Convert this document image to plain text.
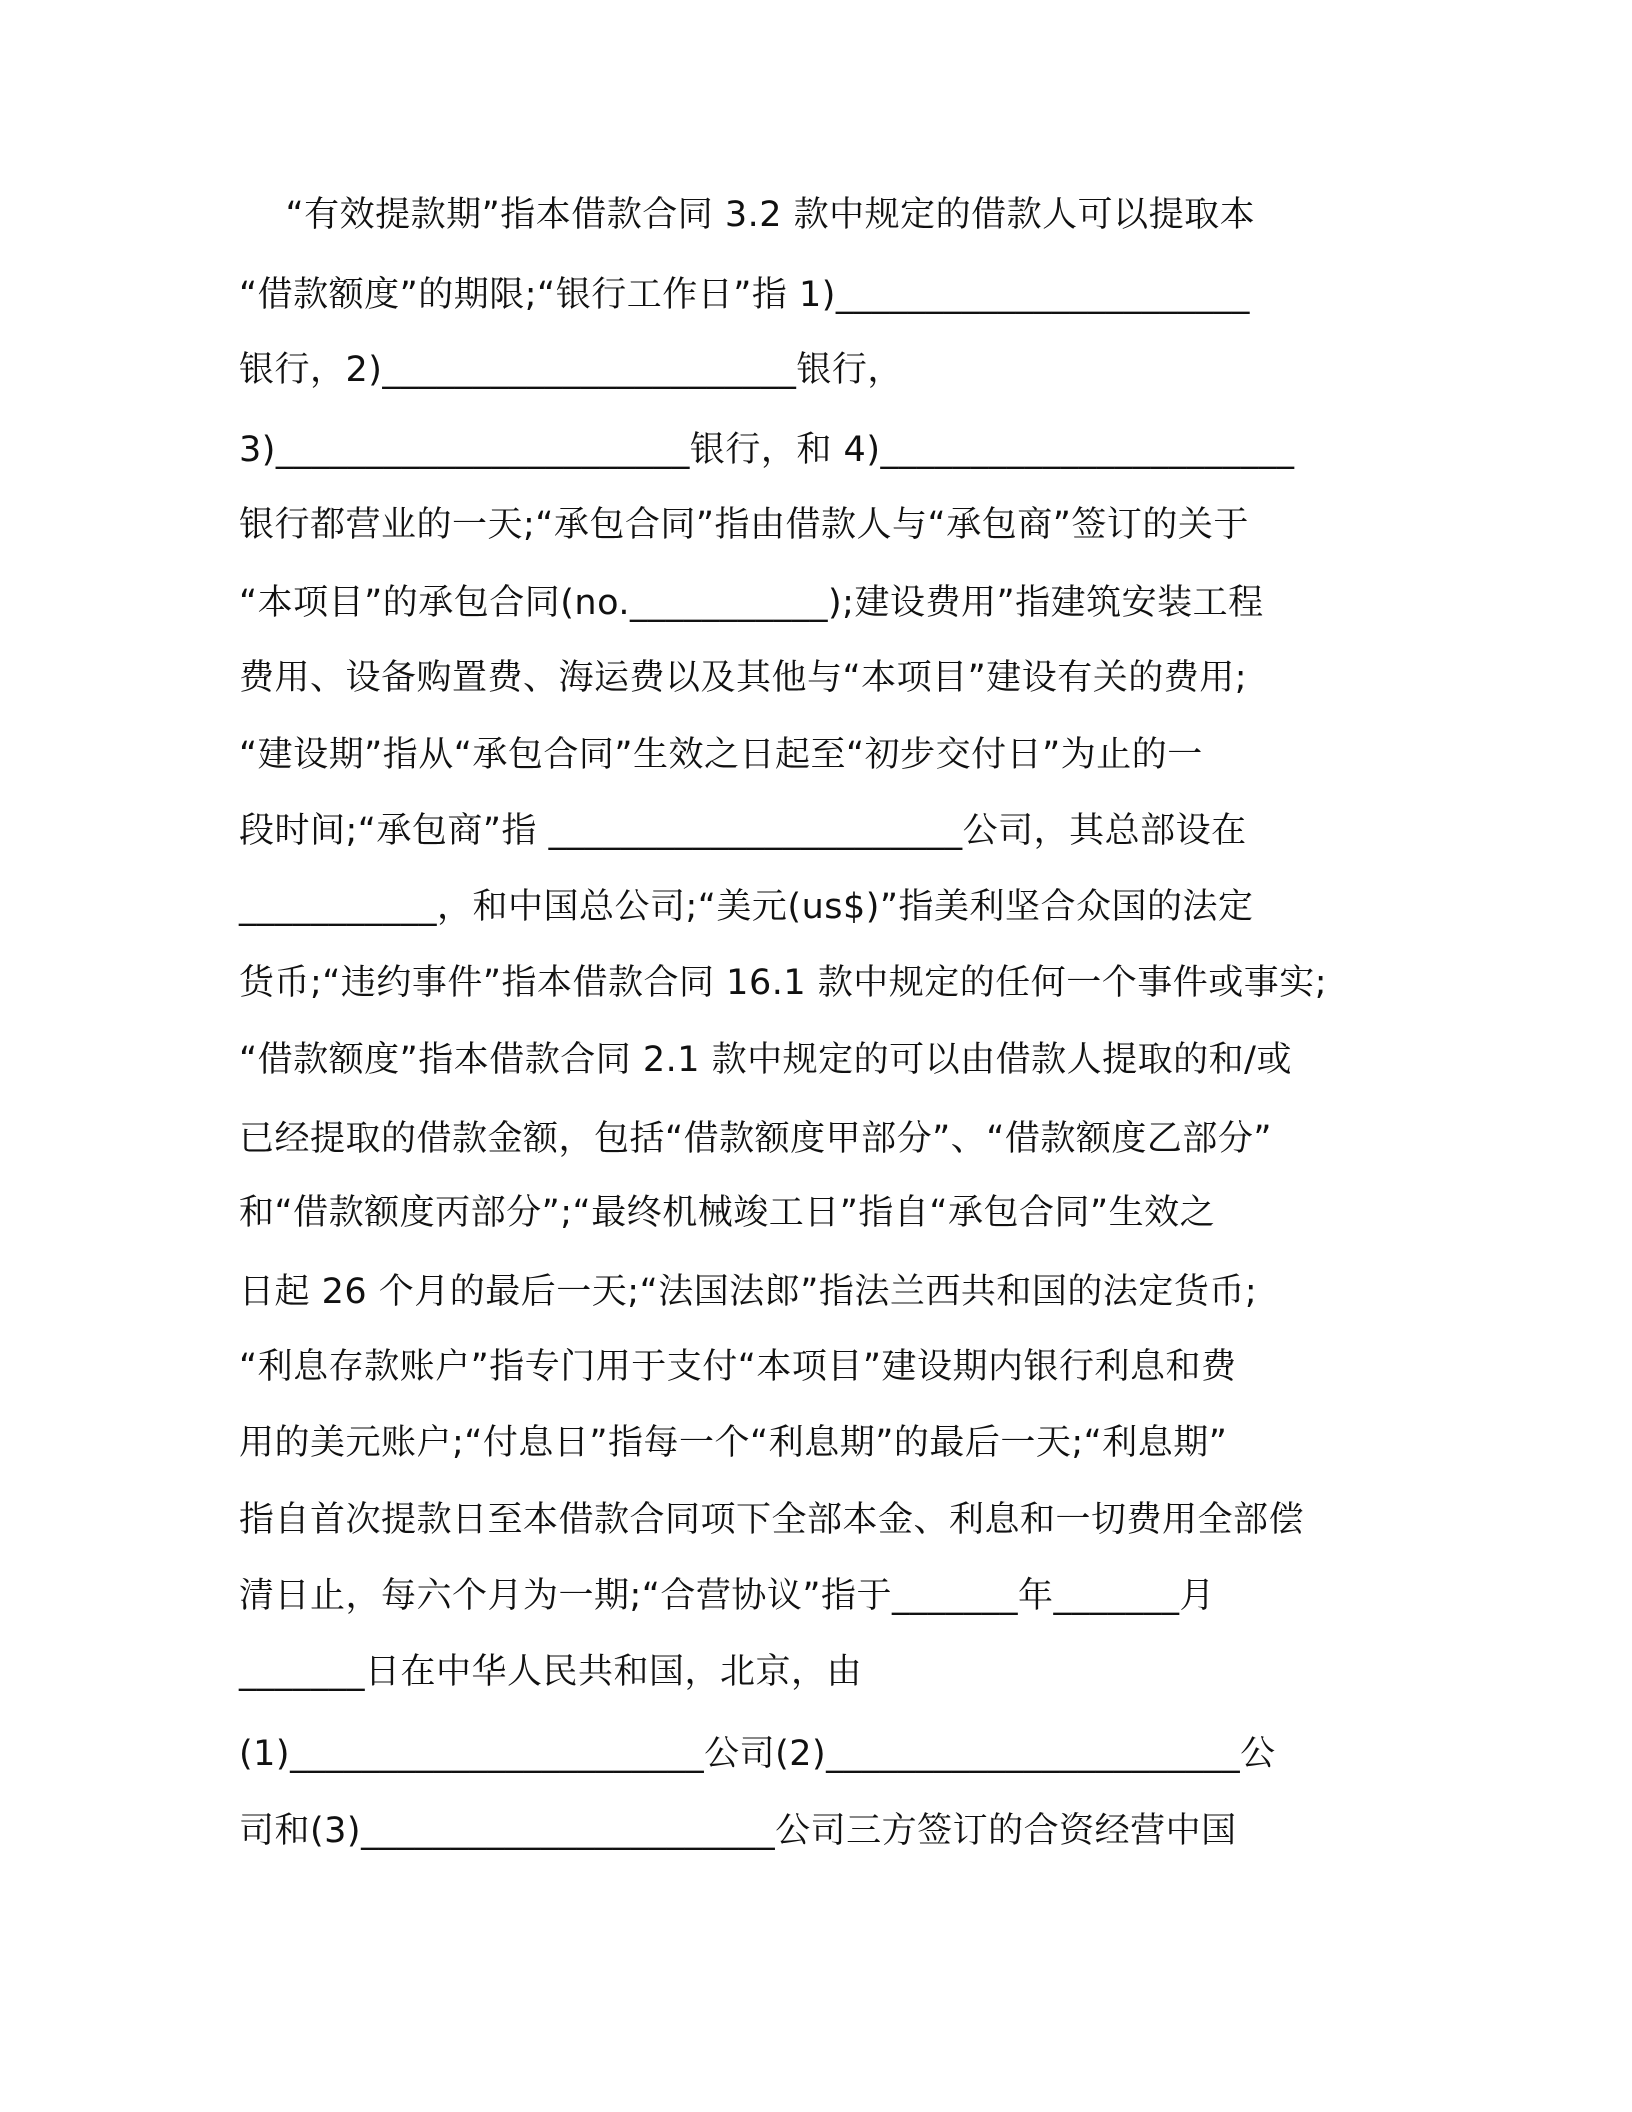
“有效提款期”指本借款合同 3.2 款中规定的借款人可以提取本
“借款额度”的期限;“银行工作日”指 1)_______________________
银行，2)_______________________银行，
3)_______________________银行，和 4)_______________________
银行都营业的一天;“承包合同”指由借款人与“承包商”签订的关于
“本项目”的承包合同(no.___________);建设费用”指建筑安装工程
费用、设备购置费、海运费以及其他与“本项目”建设有关的费用;
“建设期”指从“承包合同”生效之日起至“初步交付日”为止的一
段时间;“承包商”指 _______________________公司，其总部设在
___________，和中国总公司;“美元(us$)”指美利坚合众国的法定
货币;“违约事件”指本借款合同 16.1 款中规定的任何一个事件或事实;
“借款额度”指本借款合同 2.1 款中规定的可以由借款人提取的和/或
已经提取的借款金额，包括“借款额度甲部分”、“借款额度乙部分”
和“借款额度丙部分”;“最终机械竣工日”指自“承包合同”生效之
日起 26 个月的最后一天;“法国法郎”指法兰西共和国的法定货币;
“利息存款账户”指专门用于支付“本项目”建设期内银行利息和费
用的美元账户;“付息日”指每一个“利息期”的最后一天;“利息期”
指自首次提款日至本借款合同项下全部本金、利息和一切费用全部偿
清日止，每六个月为一期;“合营协议”指于_______年_______月
_______日在中华人民共和国，北京，由
(1)_______________________公司(2)_______________________公
司和(3)_______________________公司三方签订的合资经营中国
